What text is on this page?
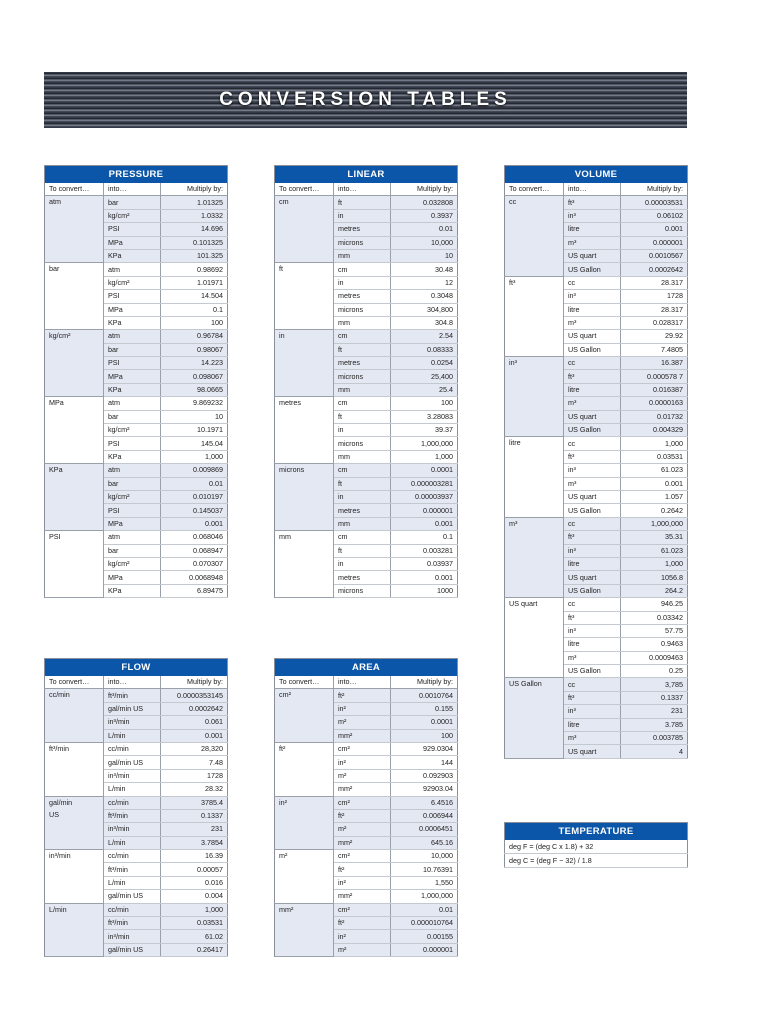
CONVERSION TABLES
PRESSURE		
To convert…	into…	Multiply by:
atm	bar	1.01325
	kg/cm²	1.0332
	PSI	14.696
	MPa	0.101325
	KPa	101.325
bar	atm	0.98692
	kg/cm²	1.01971
	PSI	14.504
	MPa	0.1
	KPa	100
kg/cm²	atm	0.96784
	bar	0.98067
	PSI	14.223
	MPa	0.098067
	KPa	98.0665
MPa	atm	9.869232
	bar	10
	kg/cm²	10.1971
	PSI	145.04
	KPa	1,000
KPa	atm	0.009869
	bar	0.01
	kg/cm²	0.010197
	PSI	0.145037
	MPa	0.001
PSI	atm	0.068046
	bar	0.068947
	kg/cm²	0.070307
	MPa	0.0068948
	KPa	6.89475
LINEAR		
To convert…	into…	Multiply by:
cm	ft	0.032808
	in	0.3937
	metres	0.01
	microns	10,000
	mm	10
ft	cm	30.48
	in	12
	metres	0.3048
	microns	304,800
	mm	304.8
in	cm	2.54
	ft	0.08333
	metres	0.0254
	microns	25,400
	mm	25.4
metres	cm	100
	ft	3.28083
	in	39.37
	microns	1,000,000
	mm	1,000
microns	cm	0.0001
	ft	0.000003281
	in	0.00003937
	metres	0.000001
	mm	0.001
mm	cm	0.1
	ft	0.003281
	in	0.03937
	metres	0.001
	microns	1000
VOLUME		
To convert…	into…	Multiply by:
cc	ft³	0.00003531
	in³	0.06102
	litre	0.001
	m³	0.000001
	US quart	0.0010567
	US Gallon	0.0002642
ft³	cc	28.317
	in³	1728
	litre	28.317
	m³	0.028317
	US quart	29.92
	US Gallon	7.4805
in³	cc	16.387
	ft³	0.000578 7
	litre	0.016387
	m³	0.0000163
	US quart	0.01732
	US Gallon	0.004329
litre	cc	1,000
	ft³	0.03531
	in³	61.023
	m³	0.001
	US quart	1.057
	US Gallon	0.2642
m³	cc	1,000,000
	ft³	35.31
	in³	61.023
	litre	1,000
	US quart	1056.8
	US Gallon	264.2
US quart	cc	946.25
	ft³	0.03342
	in³	57.75
	litre	0.9463
	m³	0.0009463
	US Gallon	0.25
US Gallon	cc	3,785
	ft³	0.1337
	in³	231
	litre	3.785
	m³	0.003785
	US quart	4
FLOW		
To convert…	into…	Multiply by:
cc/min	ft³/min	0.0000353145
	gal/min US	0.0002642
	in³/min	0.061
	L/min	0.001
ft³/min	cc/min	28,320
	gal/min US	7.48
	in³/min	1728
	L/min	28.32
gal/min
US	cc/min	3785.4
	ft³/min	0.1337
	in³/min	231
	L/min	3.7854
in³/min	cc/min	16.39
	ft³/min	0.00057
	L/min	0.016
	gal/min US	0.004
L/min	cc/min	1,000
	ft³/min	0.03531
	in³/min	61.02
	gal/min US	0.26417
AREA		
To convert…	into…	Multiply by:
cm²	ft²	0.0010764
	in²	0.155
	m²	0.0001
	mm²	100
ft²	cm²	929.0304
	in²	144
	m²	0.092903
	mm²	92903.04
in²	cm²	6.4516
	ft²	0.006944
	m²	0.0006451
	mm²	645.16
m²	cm²	10,000
	ft²	10.76391
	in²	1,550
	mm²	1,000,000
mm²	cm²	0.01
	ft²	0.000010764
	in²	0.00155
	m²	0.000001
TEMPERATURE
deg F = (deg C x 1.8) + 32
deg C = (deg F − 32) / 1.8
